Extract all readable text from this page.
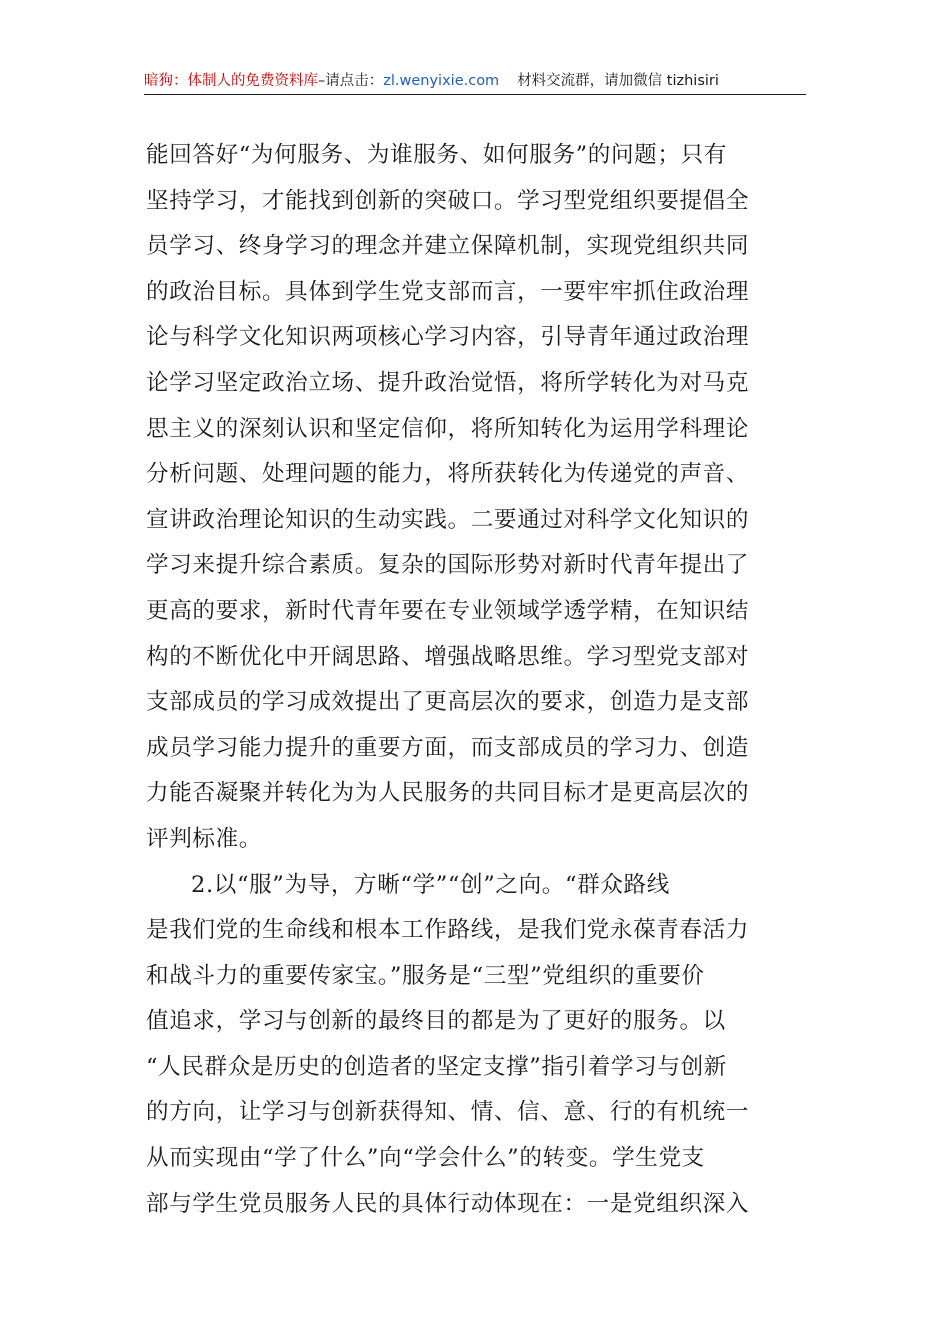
暗狗：体制人的免费资料库–请点击：zl.wenyixie.com 材料交流群，请加微信 tizhisiri
能回答好“为何服务、为谁服务、如何服务”的问题；只有
坚持学习，才能找到创新的突破口。学习型党组织要提倡全
员学习、终身学习的理念并建立保障机制，实现党组织共同
的政治目标。具体到学生党支部而言，一要牢牢抓住政治理
论与科学文化知识两项核心学习内容，引导青年通过政治理
论学习坚定政治立场、提升政治觉悟，将所学转化为对马克
思主义的深刻认识和坚定信仰，将所知转化为运用学科理论
分析问题、处理问题的能力，将所获转化为传递党的声音、
宣讲政治理论知识的生动实践。二要通过对科学文化知识的
学习来提升综合素质。复杂的国际形势对新时代青年提出了
更高的要求，新时代青年要在专业领域学透学精，在知识结
构的不断优化中开阔思路、增强战略思维。学习型党支部对
支部成员的学习成效提出了更高层次的要求，创造力是支部
成员学习能力提升的重要方面，而支部成员的学习力、创造
力能否凝聚并转化为为人民服务的共同目标才是更高层次的
评判标准。
2.以“服”为导，方晰“学”“创”之向。“群众路线
是我们党的生命线和根本工作路线，是我们党永葆青春活力
和战斗力的重要传家宝。”服务是“三型”党组织的重要价
值追求，学习与创新的最终目的都是为了更好的服务。以
“人民群众是历史的创造者的坚定支撑”指引着学习与创新
的方向，让学习与创新获得知、情、信、意、行的有机统一
从而实现由“学了什么”向“学会什么”的转变。学生党支
部与学生党员服务人民的具体行动体现在：一是党组织深入
